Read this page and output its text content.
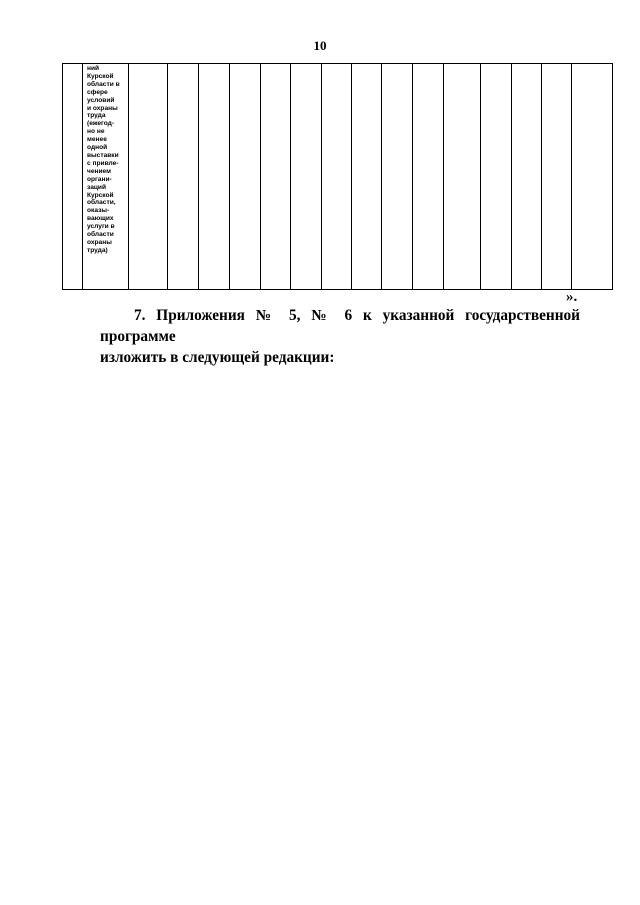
10

ний
Курской
области в
сфере
условий
и охраны
труда
(ежегод-
но не
менее
одной
выставки
с привле-
чением
органи-
заций
Курской
области,
оказы-
вающих
услуги в
области
охраны
труда)

».
7. Приложения № 5, № 6 к указанной государственной программе
изложить в следующей редакции:
